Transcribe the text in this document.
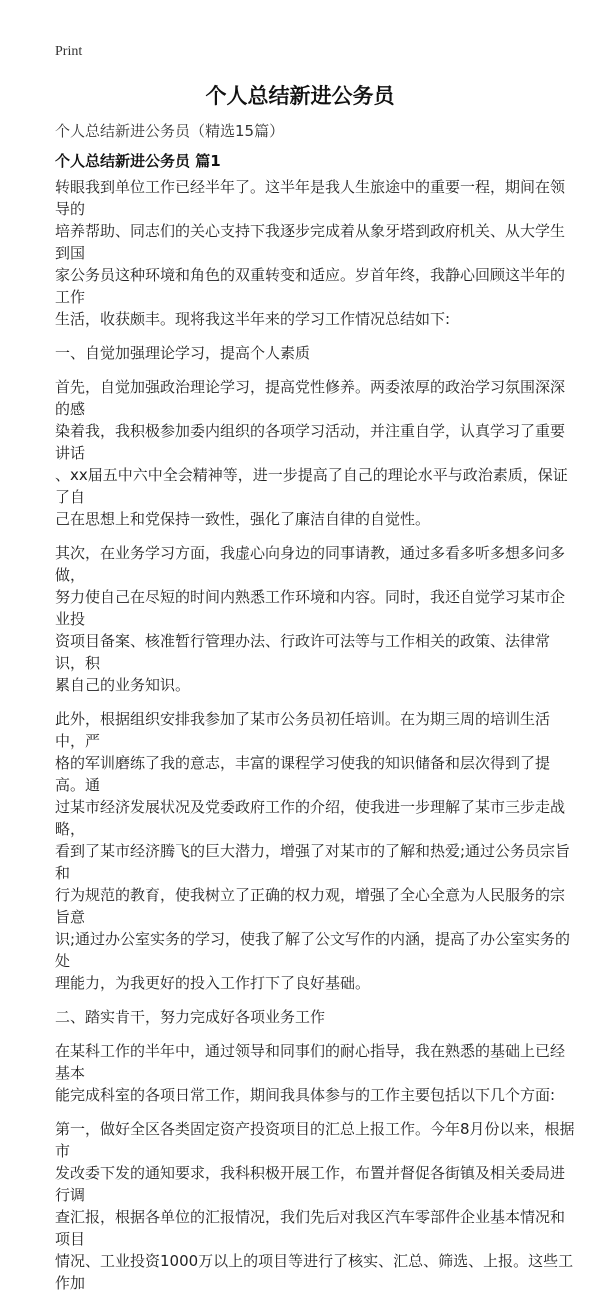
Print
个人总结新进公务员
个人总结新进公务员（精选15篇）
个人总结新进公务员 篇1
转眼我到单位工作已经半年了。这半年是我人生旅途中的重要一程，期间在领导的
培养帮助、同志们的关心支持下我逐步完成着从象牙塔到政府机关、从大学生到国
家公务员这种环境和角色的双重转变和适应。岁首年终，我静心回顾这半年的工作
生活，收获颇丰。现将我这半年来的学习工作情况总结如下:
一、自觉加强理论学习，提高个人素质
首先，自觉加强政治理论学习，提高党性修养。两委浓厚的政治学习氛围深深的感
染着我，我积极参加委内组织的各项学习活动，并注重自学，认真学习了重要讲话
、xx届五中六中全会精神等，进一步提高了自己的理论水平与政治素质，保证了自
己在思想上和党保持一致性，强化了廉洁自律的自觉性。
其次，在业务学习方面，我虚心向身边的同事请教，通过多看多听多想多问多做，
努力使自己在尽短的时间内熟悉工作环境和内容。同时，我还自觉学习某市企业投
资项目备案、核准暂行管理办法、行政许可法等与工作相关的政策、法律常识，积
累自己的业务知识。
此外，根据组织安排我参加了某市公务员初任培训。在为期三周的培训生活中，严
格的军训磨练了我的意志，丰富的课程学习使我的知识储备和层次得到了提高。通
过某市经济发展状况及党委政府工作的介绍，使我进一步理解了某市三步走战略，
看到了某市经济腾飞的巨大潜力，增强了对某市的了解和热爱;通过公务员宗旨和
行为规范的教育，使我树立了正确的权力观，增强了全心全意为人民服务的宗旨意
识;通过办公室实务的学习，使我了解了公文写作的内涵，提高了办公室实务的处
理能力，为我更好的投入工作打下了良好基础。
二、踏实肯干，努力完成好各项业务工作
在某科工作的半年中，通过领导和同事们的耐心指导，我在熟悉的基础上已经基本
能完成科室的各项日常工作，期间我具体参与的工作主要包括以下几个方面:
第一，做好全区各类固定资产投资项目的汇总上报工作。今年8月份以来，根据市
发改委下发的通知要求，我科积极开展工作，布置并督促各街镇及相关委局进行调
查汇报，根据各单位的汇报情况，我们先后对我区汽车零部件企业基本情况和项目
情况、工业投资1000万以上的项目等进行了核实、汇总、筛选、上报。这些工作加
